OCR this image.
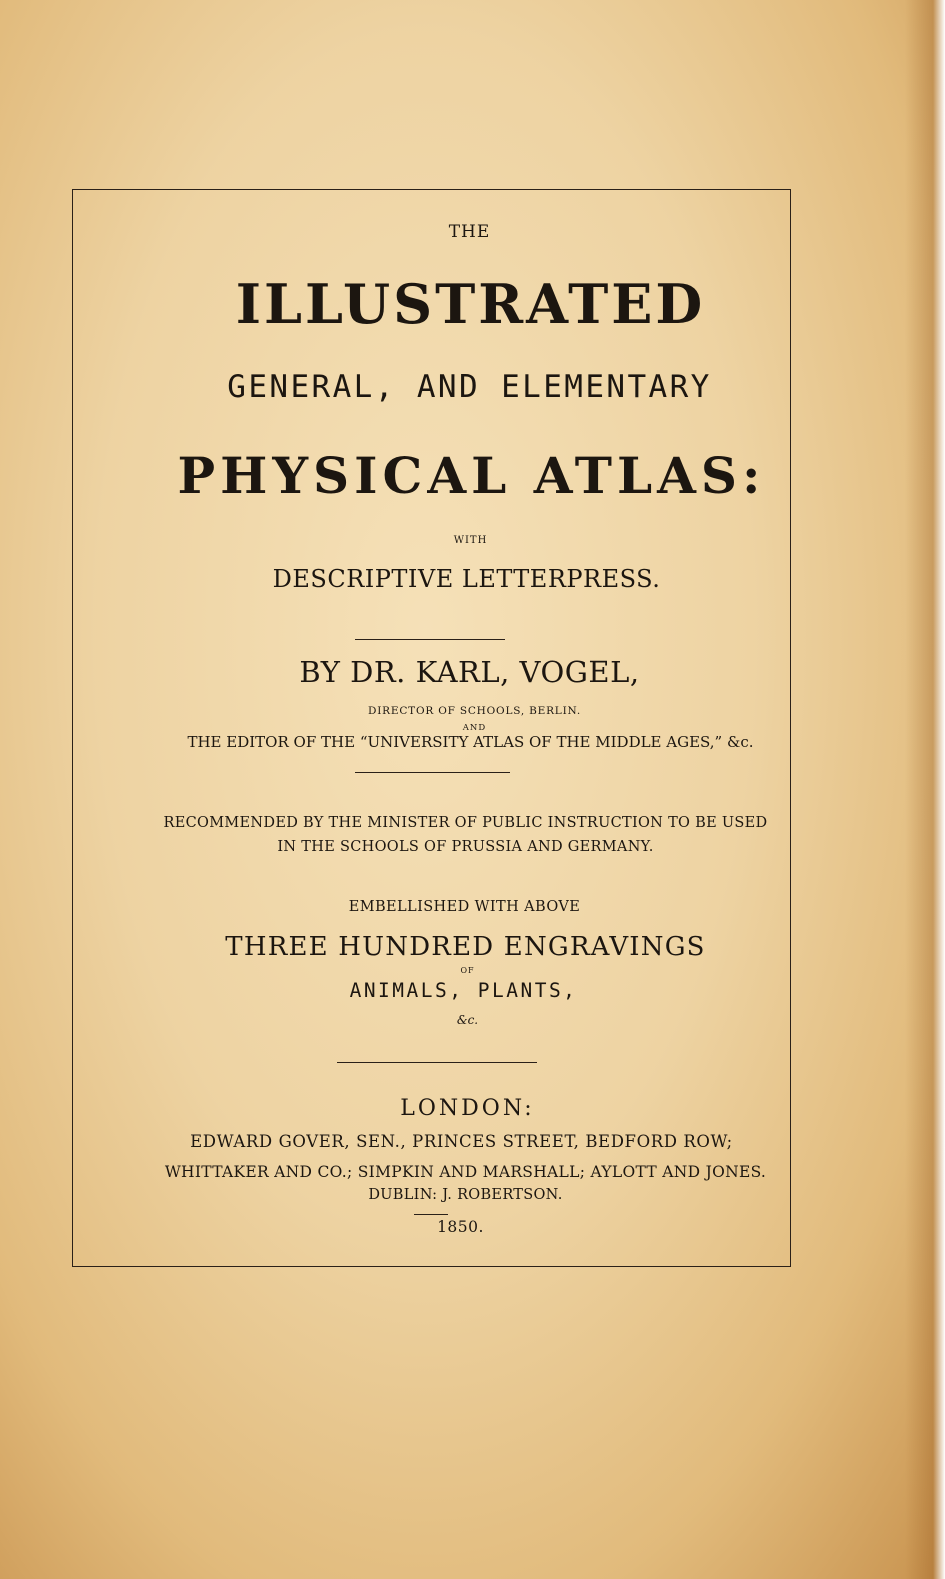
THE
ILLUSTRATED
GENERAL, AND ELEMENTARY
PHYSICAL ATLAS:
WITH
DESCRIPTIVE LETTERPRESS.
BY DR. KARL, VOGEL,
DIRECTOR OF SCHOOLS, BERLIN.
AND
THE EDITOR OF THE “UNIVERSITY ATLAS OF THE MIDDLE AGES,” &c.
RECOMMENDED BY THE MINISTER OF PUBLIC INSTRUCTION TO BE USED
IN THE SCHOOLS OF PRUSSIA AND GERMANY.
EMBELLISHED WITH ABOVE
THREE HUNDRED ENGRAVINGS
OF
ANIMALS, PLANTS,
&c.
LONDON:
EDWARD GOVER, SEN., PRINCES STREET, BEDFORD ROW;
WHITTAKER AND CO.; SIMPKIN AND MARSHALL; AYLOTT AND JONES.
DUBLIN: J. ROBERTSON.
1850.
